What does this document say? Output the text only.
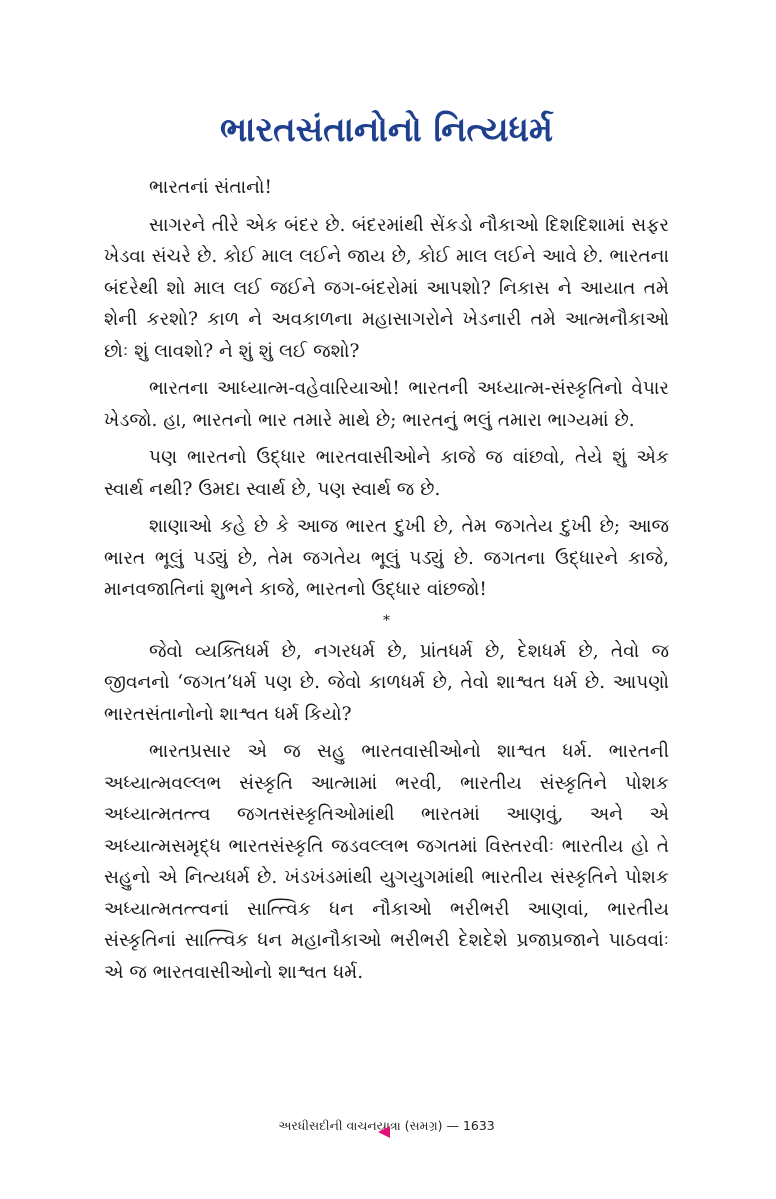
ભારતસંતાનોનો નિત્યધર્મ

ભારતનાં સંતાનો!

સાગરને તીરે એક બંદર છે. બંદરમાંથી સેંકડો નૌકાઓ દિશદિશામાં સફર ખેડવા સંચરે છે. કોઈ માલ લઈને જાય છે, કોઈ માલ લઈને આવે છે. ભારતના બંદરેથી શો માલ લઈ જઈને જગ-બંદરોમાં આપશો? નિકાસ ને આયાત તમે શેની કરશો? કાળ ને અવકાળના મહાસાગરોને ખેડનારી તમે આત્મનૌકાઓ છોઃ શું લાવશો? ને શું શું લઈ જશો?

ભારતના આધ્યાત્મ-વહેવારિયાઓ! ભારતની અધ્યાત્મ-સંસ્કૃતિનો વેપાર ખેડજો. હા, ભારતનો ભાર તમારે માથે છે; ભારતનું ભલું તમારા ભાગ્યમાં છે.

પણ ભારતનો ઉદ્ધાર ભારતવાસીઓને કાજે જ વાંછવો, તેયે શું એક સ્વાર્થ નથી? ઉમદા સ્વાર્થ છે, પણ સ્વાર્થ જ છે.

શાણાઓ કહે છે કે આજ ભારત દુખી છે, તેમ જગતેય દુખી છે; આજ ભારત ભૂલું પડ્યું છે, તેમ જગતેય ભૂલું પડ્યું છે. જગતના ઉદ્ધારને કાજે, માનવજાતિનાં શુભને કાજે, ભારતનો ઉદ્ધાર વાંછજો!

*

જેવો વ્યક્તિધર્મ છે, નગરધર્મ છે, પ્રાંતધર્મ છે, દેશધર્મ છે, તેવો જ જીવનનો ‘જગત’ધર્મ પણ છે. જેવો કાળધર્મ છે, તેવો શાશ્વત ધર્મ છે. આપણો ભારતસંતાનોનો શાશ્વત ધર્મ કિયો?

ભારતપ્રસાર એ જ સહુ ભારતવાસીઓનો શાશ્વત ધર્મ. ભારતની અધ્યાત્મવલ્લભ સંસ્કૃતિ આત્મામાં ભરવી, ભારતીય સંસ્કૃતિને પોશક અધ્યાત્મતત્ત્વ જગતસંસ્કૃતિઓમાંથી ભારતમાં આણવું, અને એ અધ્યાત્મસમૃદ્ધ ભારતસંસ્કૃતિ જડવલ્લભ જગતમાં વિસ્તરવીઃ ભારતીય હો તે સહુનો એ નિત્યધર્મ છે. ખંડખંડમાંથી યુગયુગમાંથી ભારતીય સંસ્કૃતિને પોશક અધ્યાત્મતત્ત્વનાં સાત્ત્વિક ધન નૌકાઓ ભરીભરી આણવાં, ભારતીય સંસ્કૃતિનાં સાત્ત્વિક ધન મહાનૌકાઓ ભરીભરી દેશદેશે પ્રજાપ્રજાને પાઠવવાંઃ એ જ ભારતવાસીઓનો શાશ્વત ધર્મ.

અરધીસદીની વાચનયાત્રા (સમગ્ર) — 1633
